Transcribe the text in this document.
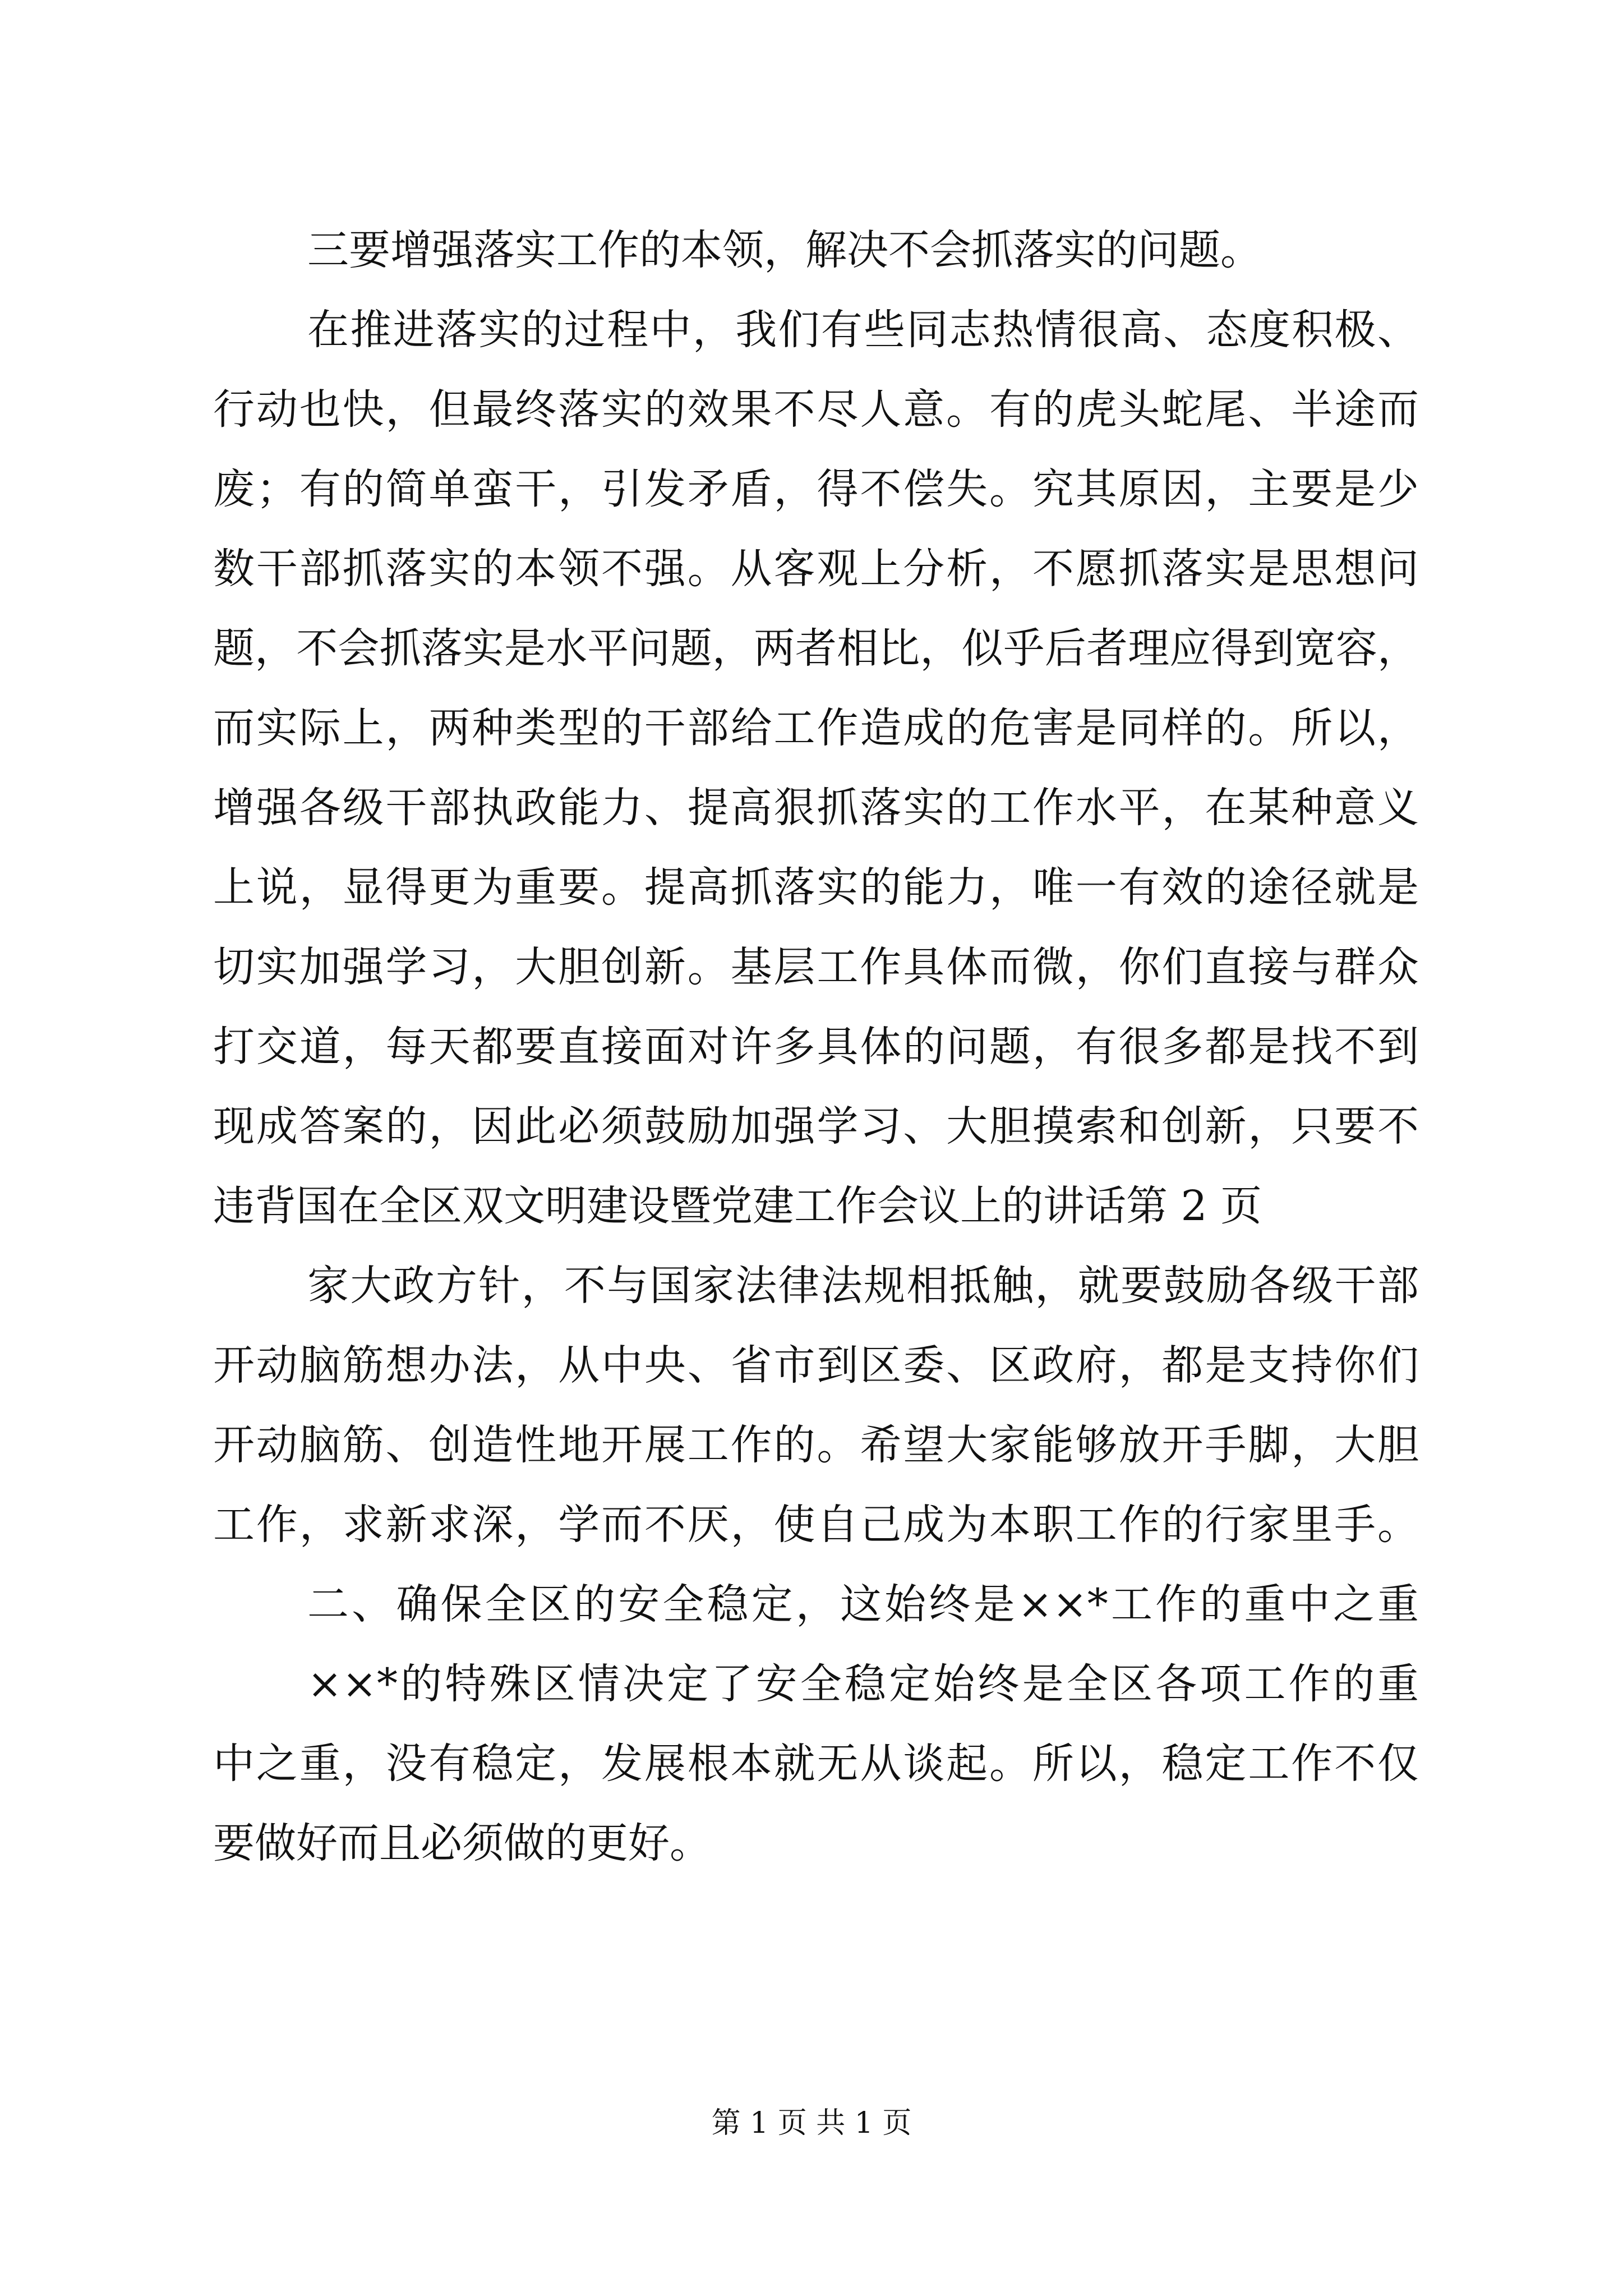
三要增强落实工作的本领，解决不会抓落实的问题。
在推进落实的过程中，我们有些同志热情很高、态度积极、
行动也快，但最终落实的效果不尽人意。有的虎头蛇尾、半途而
废；有的简单蛮干，引发矛盾，得不偿失。究其原因，主要是少
数干部抓落实的本领不强。从客观上分析，不愿抓落实是思想问
题，不会抓落实是水平问题，两者相比，似乎后者理应得到宽容，
而实际上，两种类型的干部给工作造成的危害是同样的。所以，
增强各级干部执政能力、提高狠抓落实的工作水平，在某种意义
上说，显得更为重要。提高抓落实的能力，唯一有效的途径就是
切实加强学习，大胆创新。基层工作具体而微，你们直接与群众
打交道，每天都要直接面对许多具体的问题，有很多都是找不到
现成答案的，因此必须鼓励加强学习、大胆摸索和创新，只要不
违背国在全区双文明建设暨党建工作会议上的讲话第 2 页
家大政方针，不与国家法律法规相抵触，就要鼓励各级干部
开动脑筋想办法，从中央、省市到区委、区政府，都是支持你们
开动脑筋、创造性地开展工作的。希望大家能够放开手脚，大胆
工作，求新求深，学而不厌，使自己成为本职工作的行家里手。
二、确保全区的安全稳定，这始终是××*工作的重中之重
××*的特殊区情决定了安全稳定始终是全区各项工作的重
中之重，没有稳定，发展根本就无从谈起。所以，稳定工作不仅
要做好而且必须做的更好。
第 1 页 共 1 页
